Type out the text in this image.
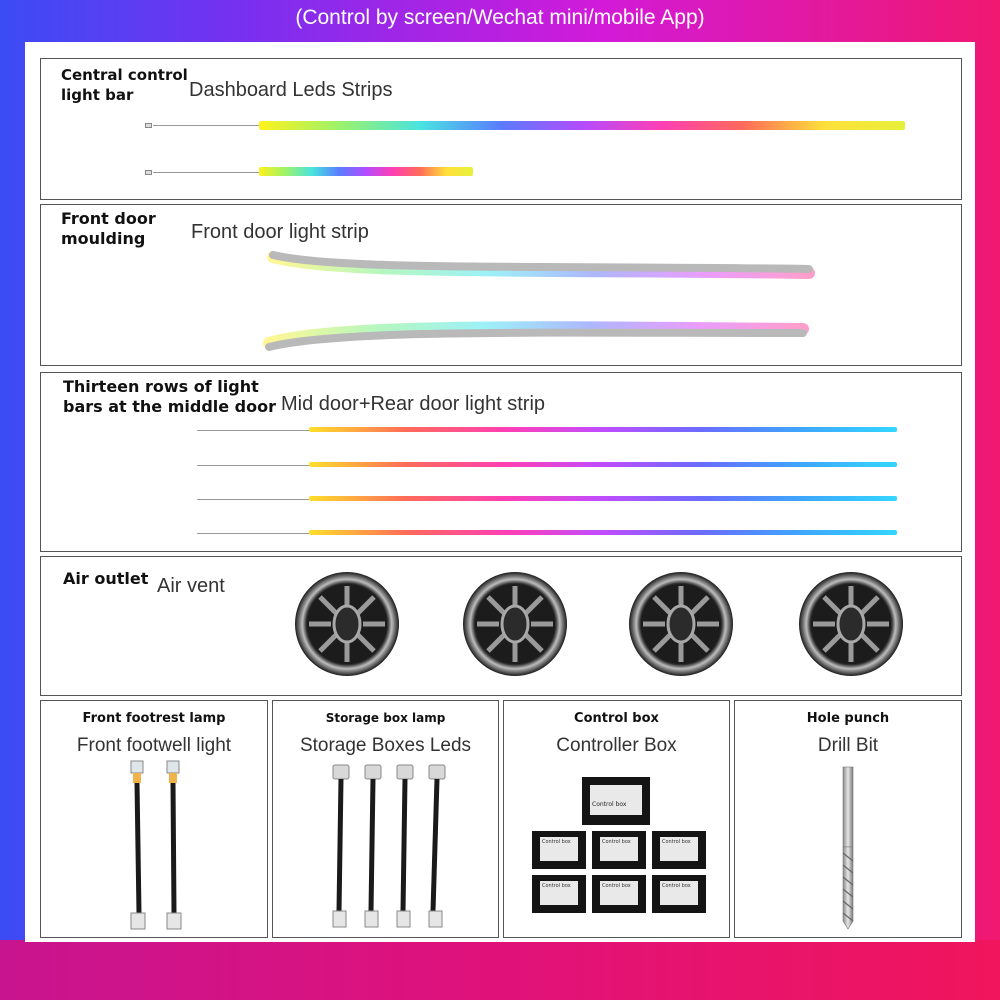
(Control by screen/Wechat mini/mobile App)
Central control
light bar	Dashboard Leds Strips
Front door
moulding	Front door light strip
Thirteen rows of light
bars at the middle door Mid door+Rear door light strip
Air outlet Air vent
Front footrest lamp
Front footwell light
Storage box lamp
Storage Boxes Leds
Control box
Controller Box
Control box
Control box	Control box	Control box
Control box	Control box	Control box
Hole punch
Drill Bit
